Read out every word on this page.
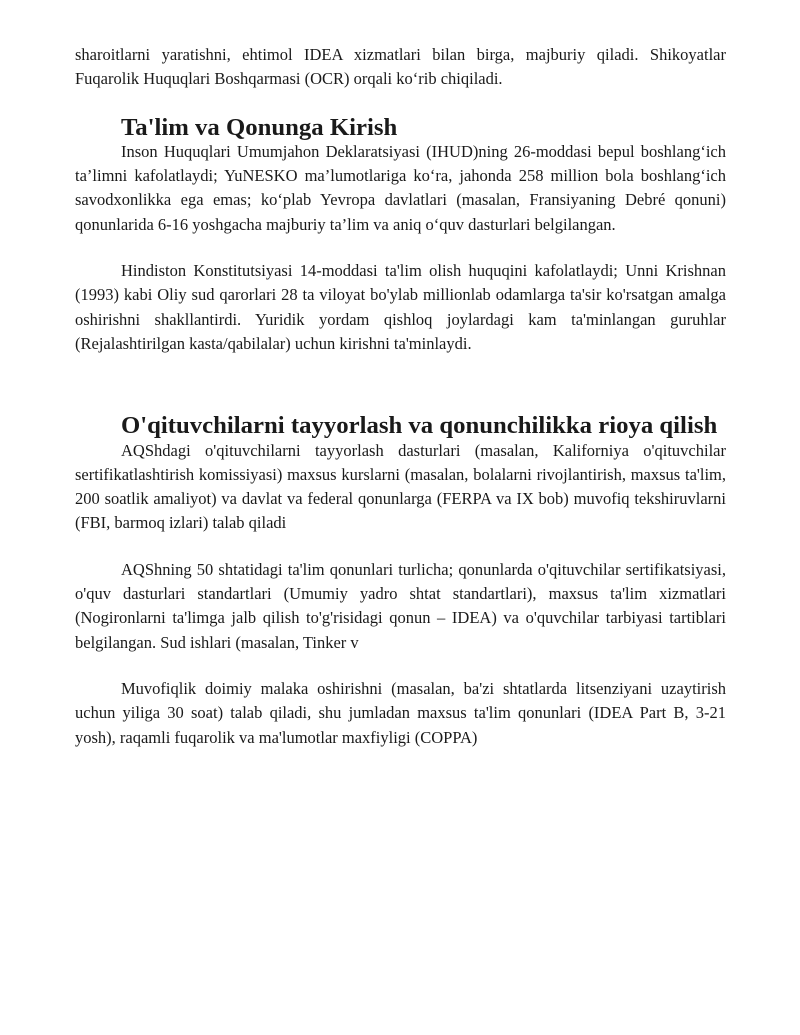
sharoitlarni yaratishni, ehtimol IDEA xizmatlari bilan birga, majburiy qiladi. Shikoyatlar Fuqarolik Huquqlari Boshqarmasi (OCR) orqali ko‘rib chiqiladi.

Ta'lim va Qonunga Kirish

Inson Huquqlari Umumjahon Deklaratsiyasi (IHUD)ning 26-moddasi bepul boshlang‘ich ta’limni kafolatlaydi; YuNESKO ma’lumotlariga ko‘ra, jahonda 258 million bola boshlang‘ich savodxonlikka ega emas; ko‘plab Yevropa davlatlari (masalan, Fransiyaning Debré qonuni) qonunlarida 6-16 yoshgacha majburiy ta’lim va aniq o‘quv dasturlari belgilangan.

Hindiston Konstitutsiyasi 14-moddasi ta'lim olish huquqini kafolatlaydi; Unni Krishnan (1993) kabi Oliy sud qarorlari 28 ta viloyat bo'ylab millionlab odamlarga ta'sir ko'rsatgan amalga oshirishni shakllantirdi. Yuridik yordam qishloq joylardagi kam ta'minlangan guruhlar (Rejalashtirilgan kasta/qabilalar) uchun kirishni ta'minlaydi.

O'qituvchilarni tayyorlash va qonunchilikka rioya qilish

AQShdagi o'qituvchilarni tayyorlash dasturlari (masalan, Kaliforniya o'qituvchilar sertifikatlashtirish komissiyasi) maxsus kurslarni (masalan, bolalarni rivojlantirish, maxsus ta'lim, 200 soatlik amaliyot) va davlat va federal qonunlarga (FERPA va IX bob) muvofiq tekshiruvlarni (FBI, barmoq izlari) talab qiladi

AQShning 50 shtatidagi ta'lim qonunlari turlicha; qonunlarda o'qituvchilar sertifikatsiyasi, o'quv dasturlari standartlari (Umumiy yadro shtat standartlari), maxsus ta'lim xizmatlari (Nogironlarni ta'limga jalb qilish to'g'risidagi qonun – IDEA) va o'quvchilar tarbiyasi tartiblari belgilangan. Sud ishlari (masalan, Tinker v

Muvofiqlik doimiy malaka oshirishni (masalan, ba'zi shtatlarda litsenziyani uzaytirish uchun yiliga 30 soat) talab qiladi, shu jumladan maxsus ta'lim qonunlari (IDEA Part B, 3-21 yosh), raqamli fuqarolik va ma'lumotlar maxfiyligi (COPPA)
